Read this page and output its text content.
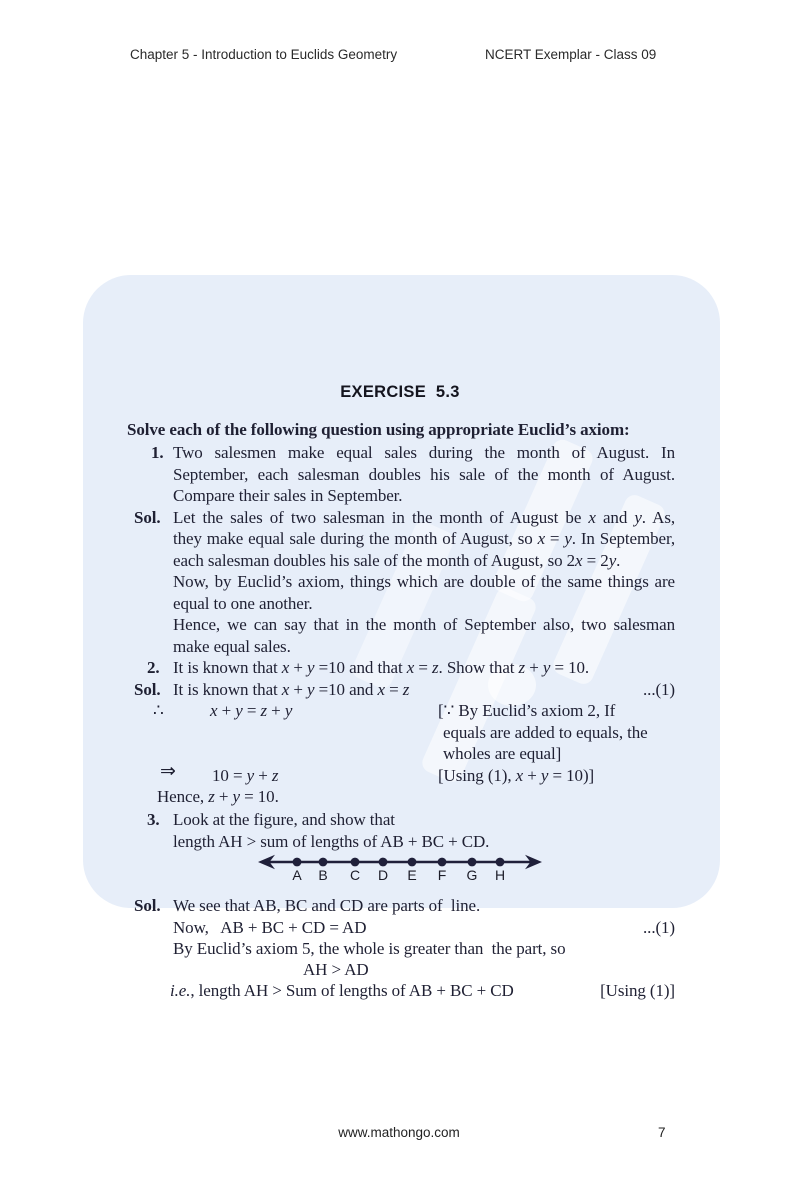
Chapter 5 - Introduction to Euclids Geometry	NCERT Exemplar - Class 09
EXERCISE 5.3
Solve each of the following question using appropriate Euclid’s axiom:
1. Two salesmen make equal sales during the month of August. In
September, each salesman doubles his sale of the month of August.
Compare their sales in September.
Sol. Let the sales of two salesman in the month of August be x and y. As,
they make equal sale during the month of August, so x = y. In September,
each salesman doubles his sale of the month of August, so 2x = 2y.
Now, by Euclid’s axiom, things which are double of the same things are
equal to one another.
Hence, we can say that in the month of September also, two salesman
make equal sales.
2. It is known that x + y =10 and that x = z. Show that z + y = 10.
Sol. It is known that x + y =10 and x = z	...(1)
∴	x + y = z + y	[∵ By Euclid’s axiom 2, If
equals are added to equals, the
wholes are equal]
⇒ 10 = y + z	[Using (1), x + y = 10)]
Hence, z + y = 10.
3. Look at the figure, and show that
length AH > sum of lengths of AB + BC + CD.
Sol. We see that AB, BC and CD are parts of  line.
Now,   AB + BC + CD = AD	...(1)
By Euclid’s axiom 5, the whole is greater than  the part, so
AH > AD
i.e., length AH > Sum of lengths of AB + BC + CD	[Using (1)]
A B C D E F G H
www.mathongo.com	7
